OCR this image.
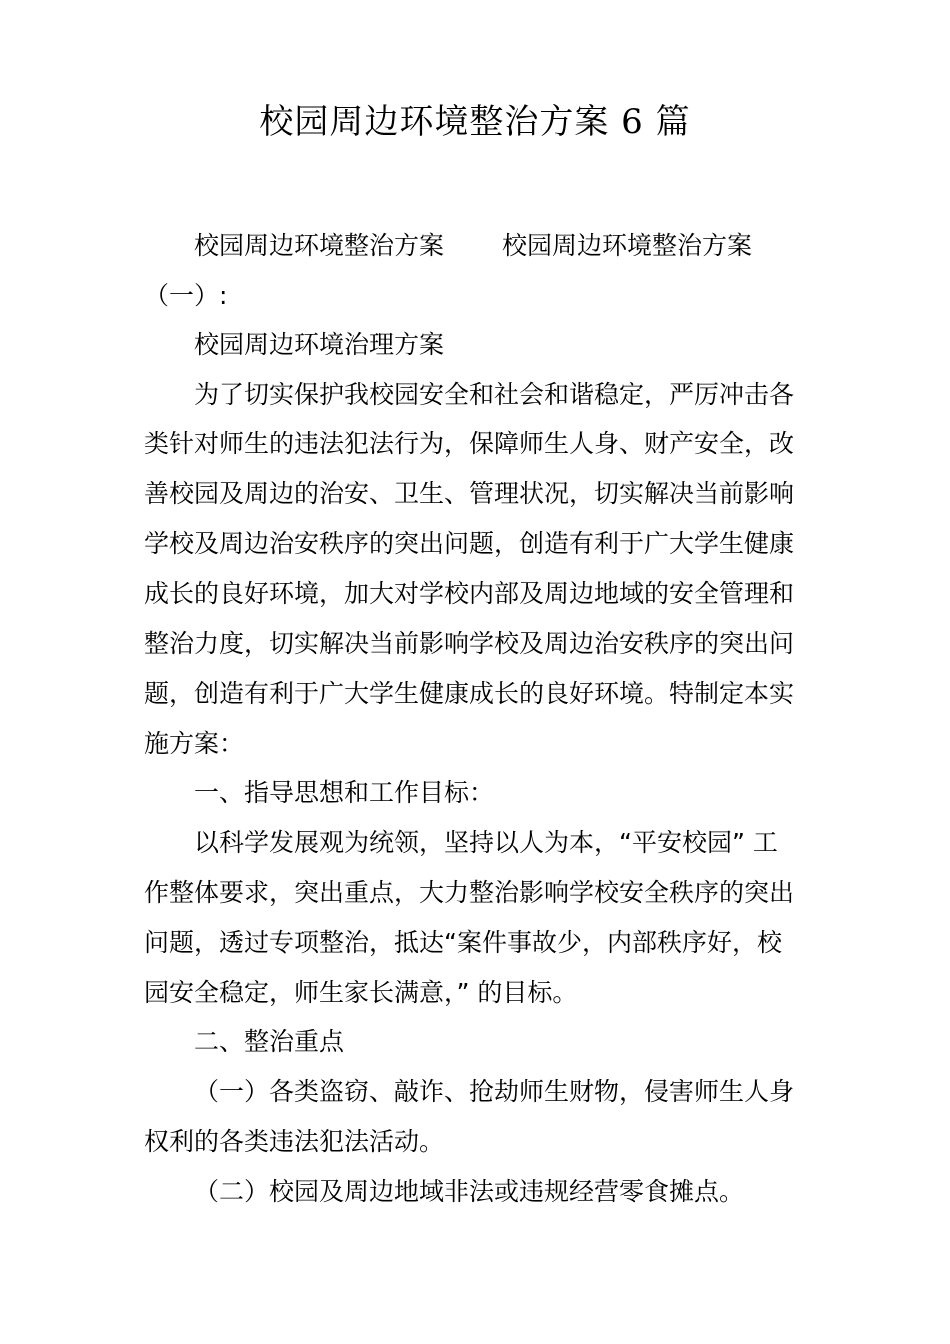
校园周边环境整治方案 6 篇

校园周边环境整治方案　　 校园周边环境整治方案

（一）:

校园周边环境治理方案

为了切实保护我校园安全和社会和谐稳定，严厉冲击各

类针对师生的违法犯法行为，保障师生人身、财产安全，改

善校园及周边的治安、卫生、管理状况，切实解决当前影响

学校及周边治安秩序的突出问题，创造有利于广大学生健康

成长的良好环境，加大对学校内部及周边地域的安全管理和

整治力度，切实解决当前影响学校及周边治安秩序的突出问

题，创造有利于广大学生健康成长的良好环境。特制定本实

施方案：

一、指导思想和工作目标：

以科学发展观为统领，坚持以人为本，“平安校园” 工

作整体要求，突出重点，大力整治影响学校安全秩序的突出

问题，透过专项整治，抵达“案件事故少，内部秩序好，校

园安全稳定，师生家长满意，” 的目标。

二、整治重点

（一）各类盗窃、敲诈、抢劫师生财物，侵害师生人身

权利的各类违法犯法活动。

（二）校园及周边地域非法或违规经营零食摊点。
